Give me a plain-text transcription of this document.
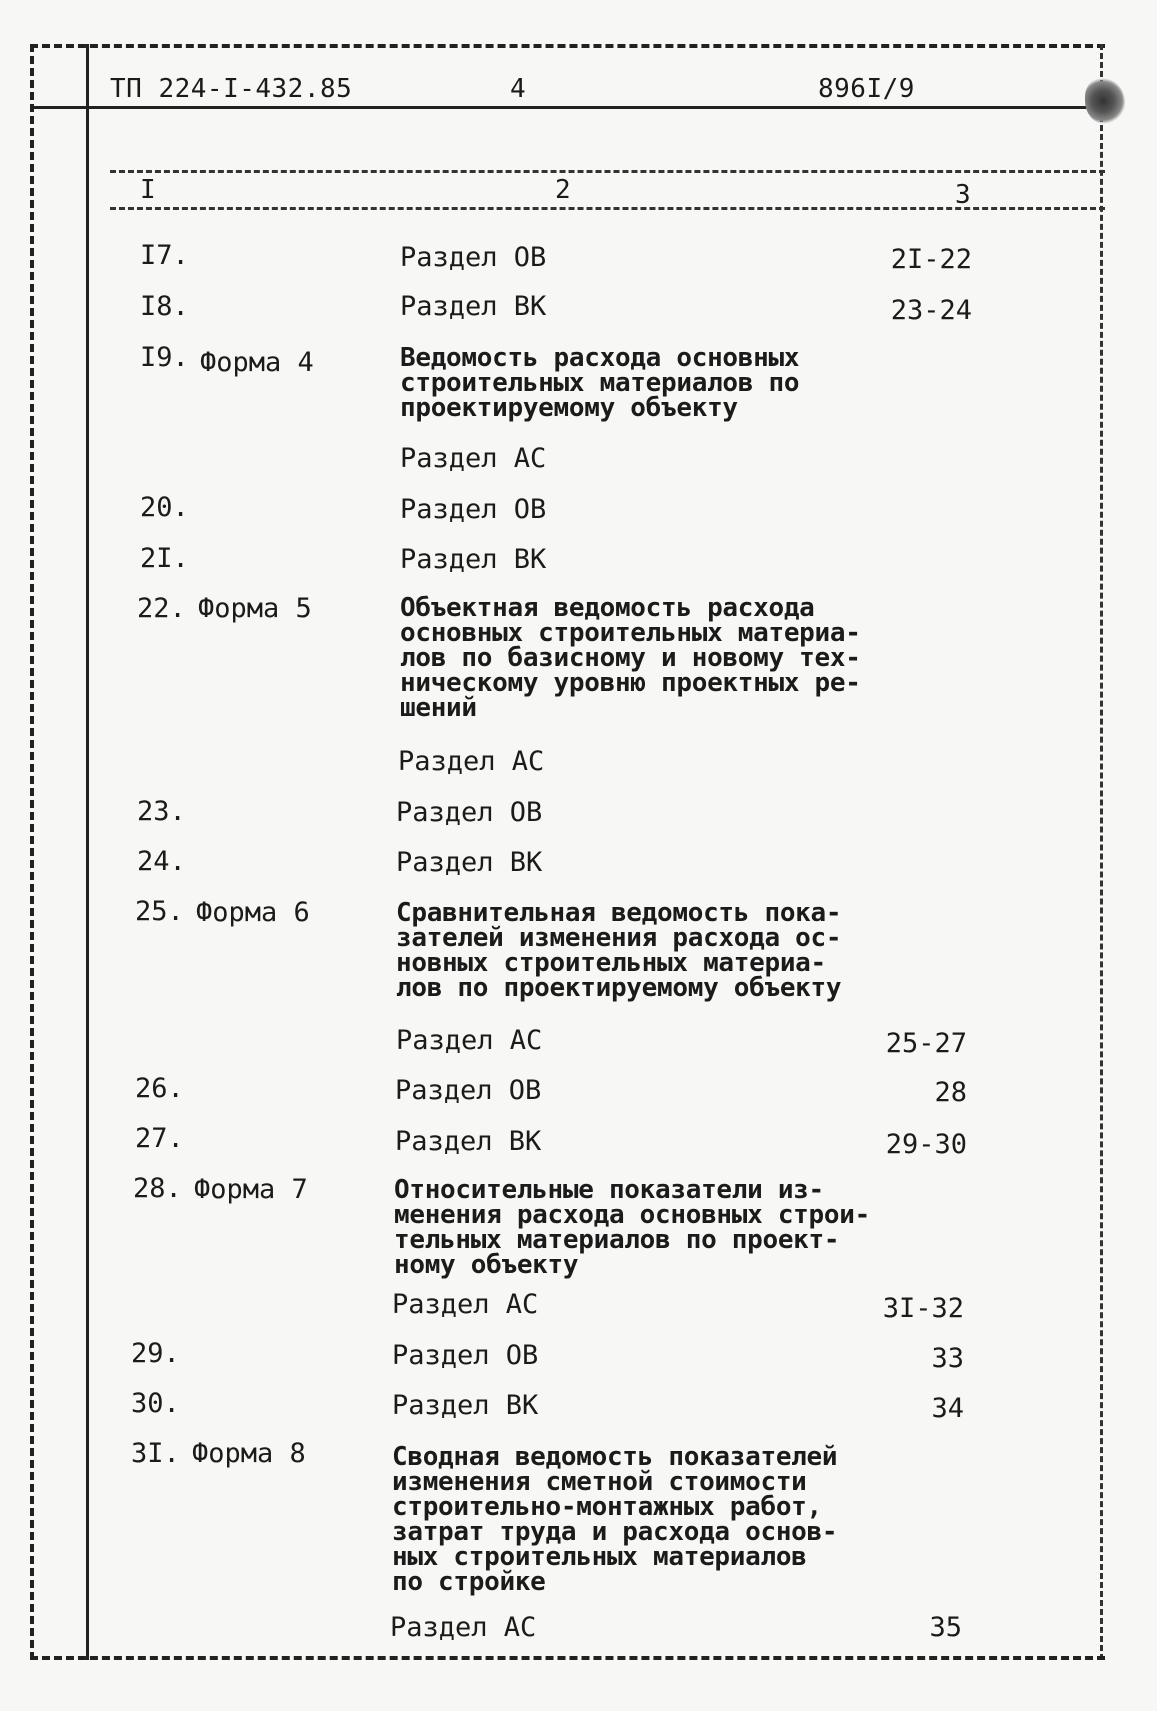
ТП 224-I-432.85	4	896I/9
I	2	3
I7.	Раздел ОВ	2I-22
I8.	Раздел ВК	23-24
I9. Форма 4	Ведомость расхода основных
строительных материалов по
проектируемому объекту
Раздел АС
20.	Раздел ОВ
2I.	Раздел ВК
22. Форма 5	Объектная ведомость расхода
основных строительных материа-
лов по базисному и новому тех-
ническому уровню проектных ре-
шений
Раздел АС
23.	Раздел ОВ
24.	Раздел ВК
25. Форма 6	Сравнительная ведомость пока-
зателей изменения расхода ос-
новных строительных материа-
лов по проектируемому объекту
Раздел АС	25-27
26.	Раздел ОВ	28
27.	Раздел ВК	29-30
28. Форма 7	Относительные показатели из-
менения расхода основных строи-
тельных материалов по проект-
ному объекту
Раздел АС	3I-32
29.	Раздел ОВ	33
30.	Раздел ВК	34
3I. Форма 8	Сводная ведомость показателей
изменения сметной стоимости
строительно-монтажных работ,
затрат труда и расхода основ-
ных строительных материалов
по стройке
Раздел АС	35
